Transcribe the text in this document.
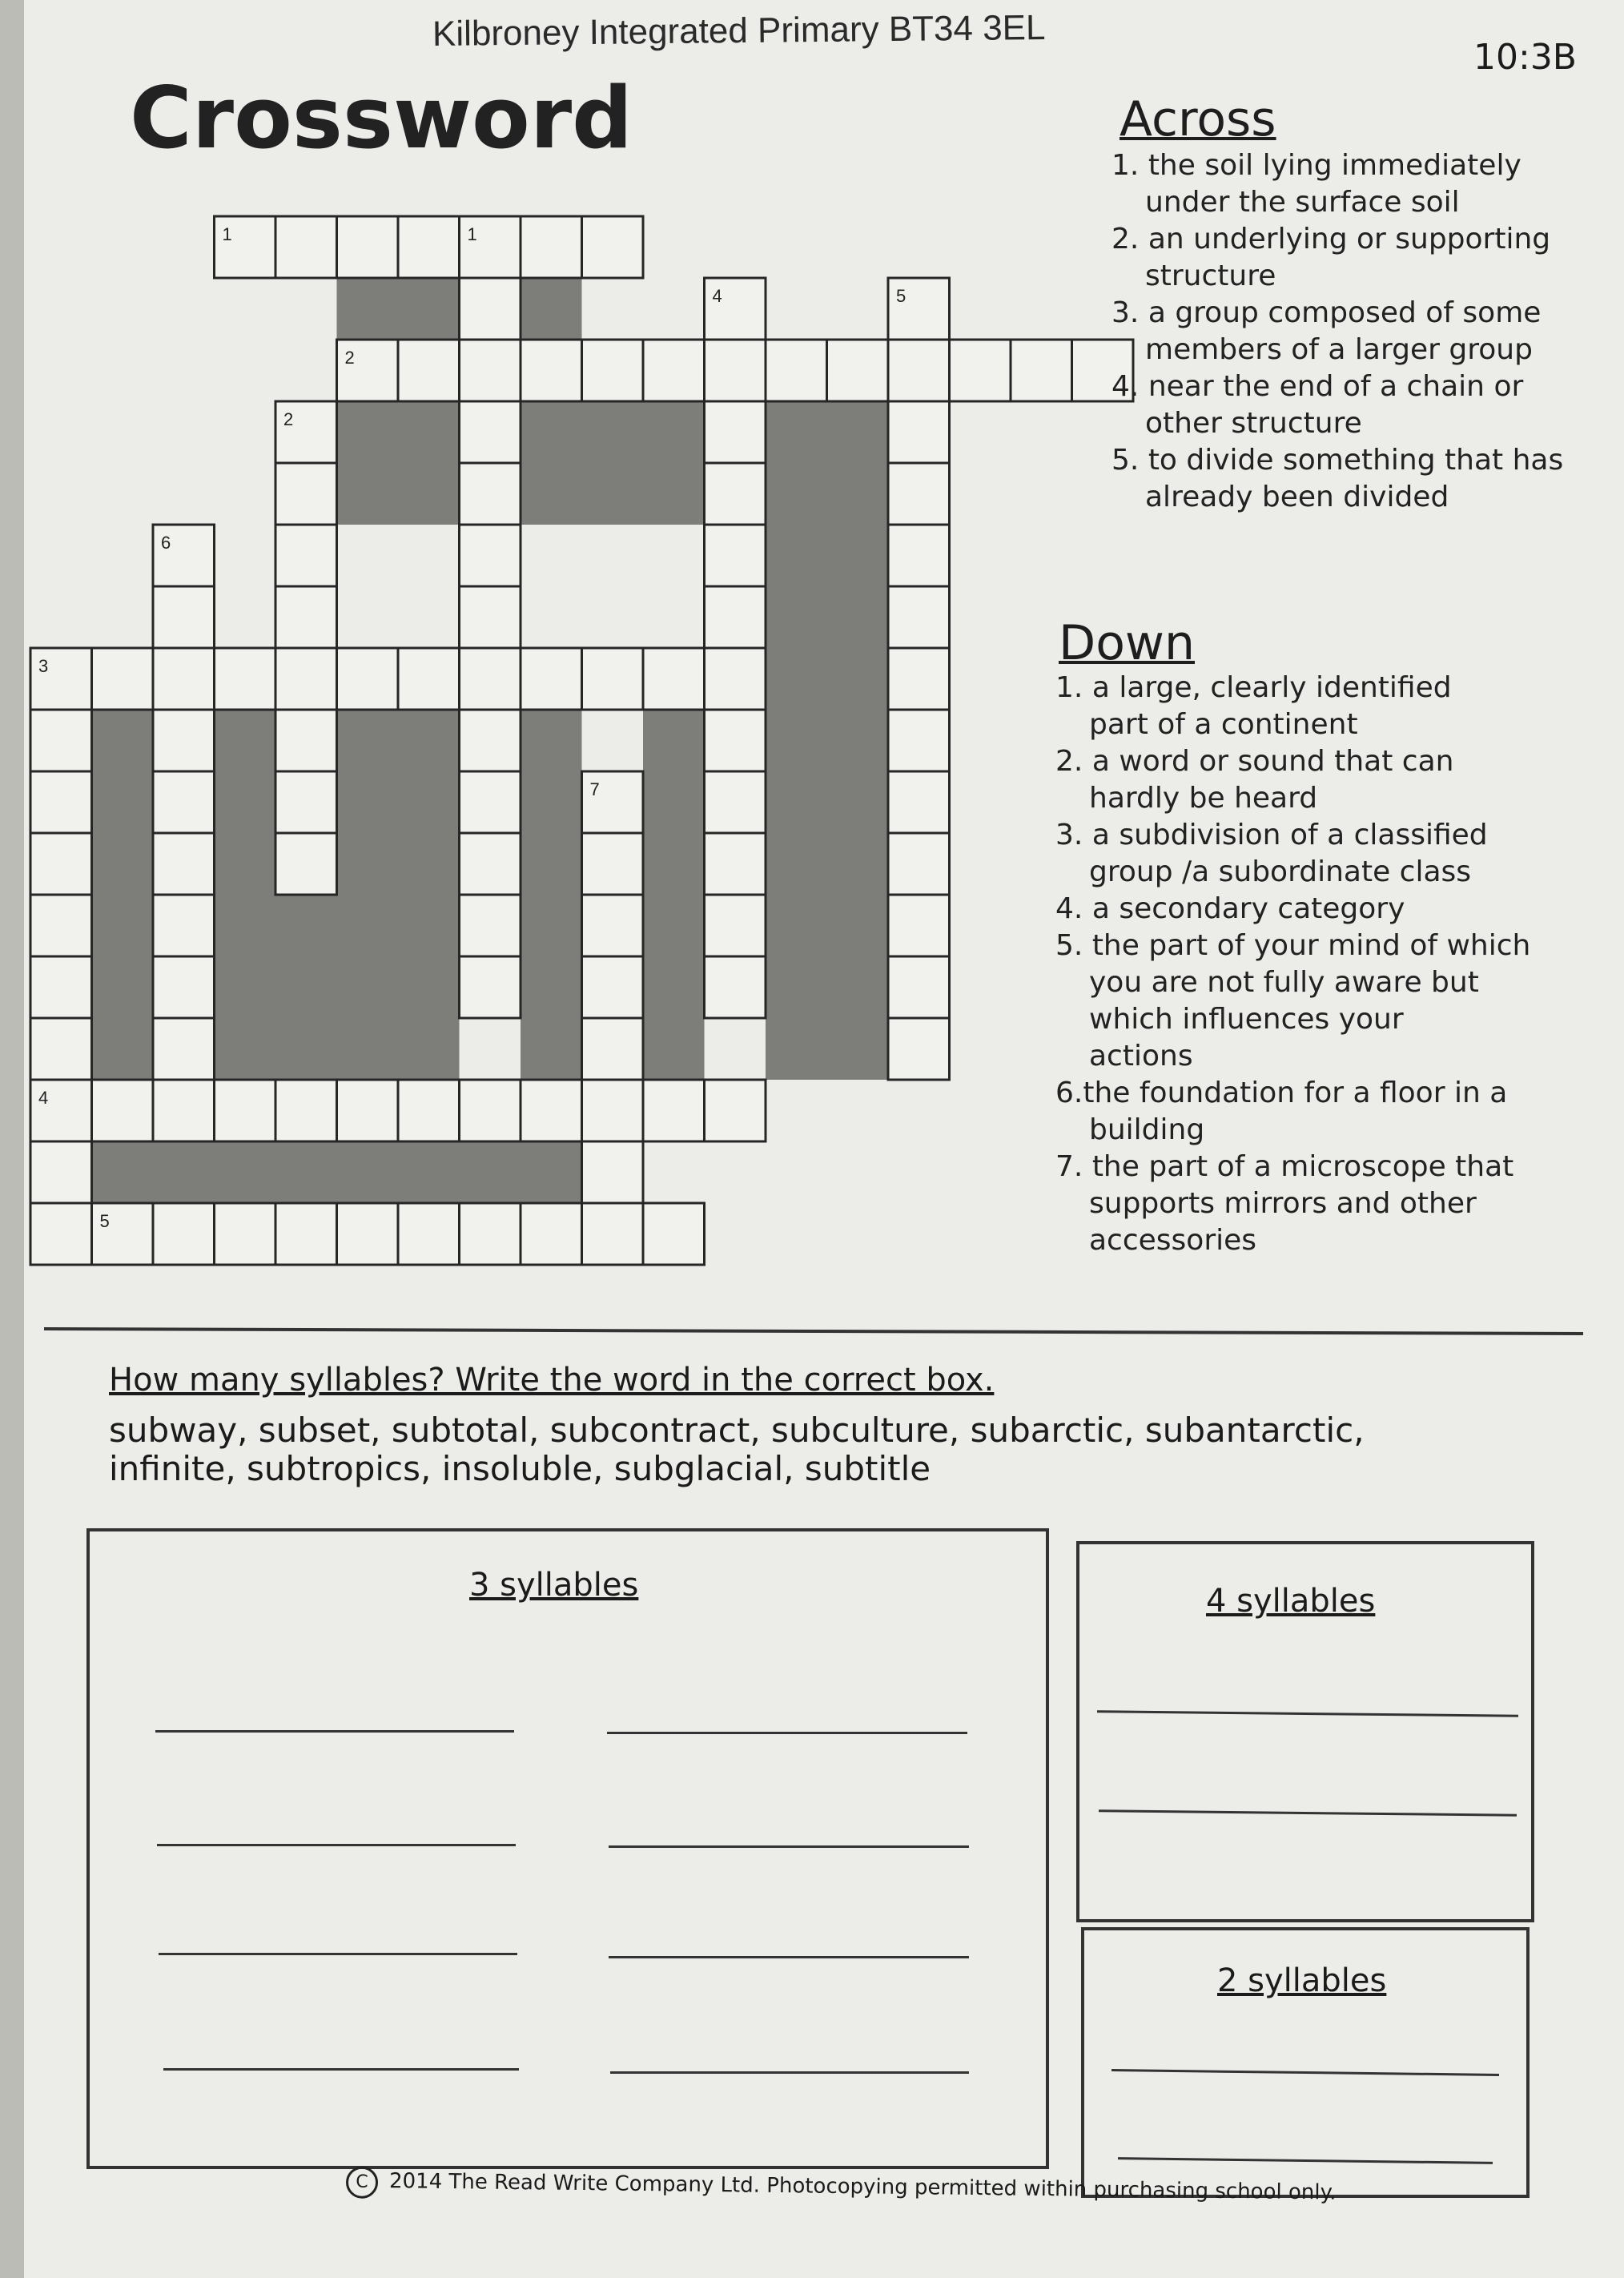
Kilbroney Integrated Primary BT34 3EL
10:3B
Crossword
1	1
4	5
2
2
6
3
7
4
5
Across
1. the soil lying immediately
under the surface soil
2. an underlying or supporting
structure
3. a group composed of some
members of a larger group
4. near the end of a chain or
other structure
5. to divide something that has
already been divided
Down
1. a large, clearly identified
part of a continent
2. a word or sound that can
hardly be heard
3. a subdivision of a classified
group /a subordinate class
4. a secondary category
5. the part of your mind of which
you are not fully aware but
which influences your
actions
6.the foundation for a floor in a
building
7. the part of a microscope that
supports mirrors and other
accessories
How many syllables? Write the word in the correct box.
subway, subset, subtotal, subcontract, subculture, subarctic, subantarctic,
infinite, subtropics, insoluble, subglacial, subtitle
3 syllables	4 syllables
2 syllables
C 2014 The Read Write Company Ltd. Photocopying permitted within purchasing school only.
